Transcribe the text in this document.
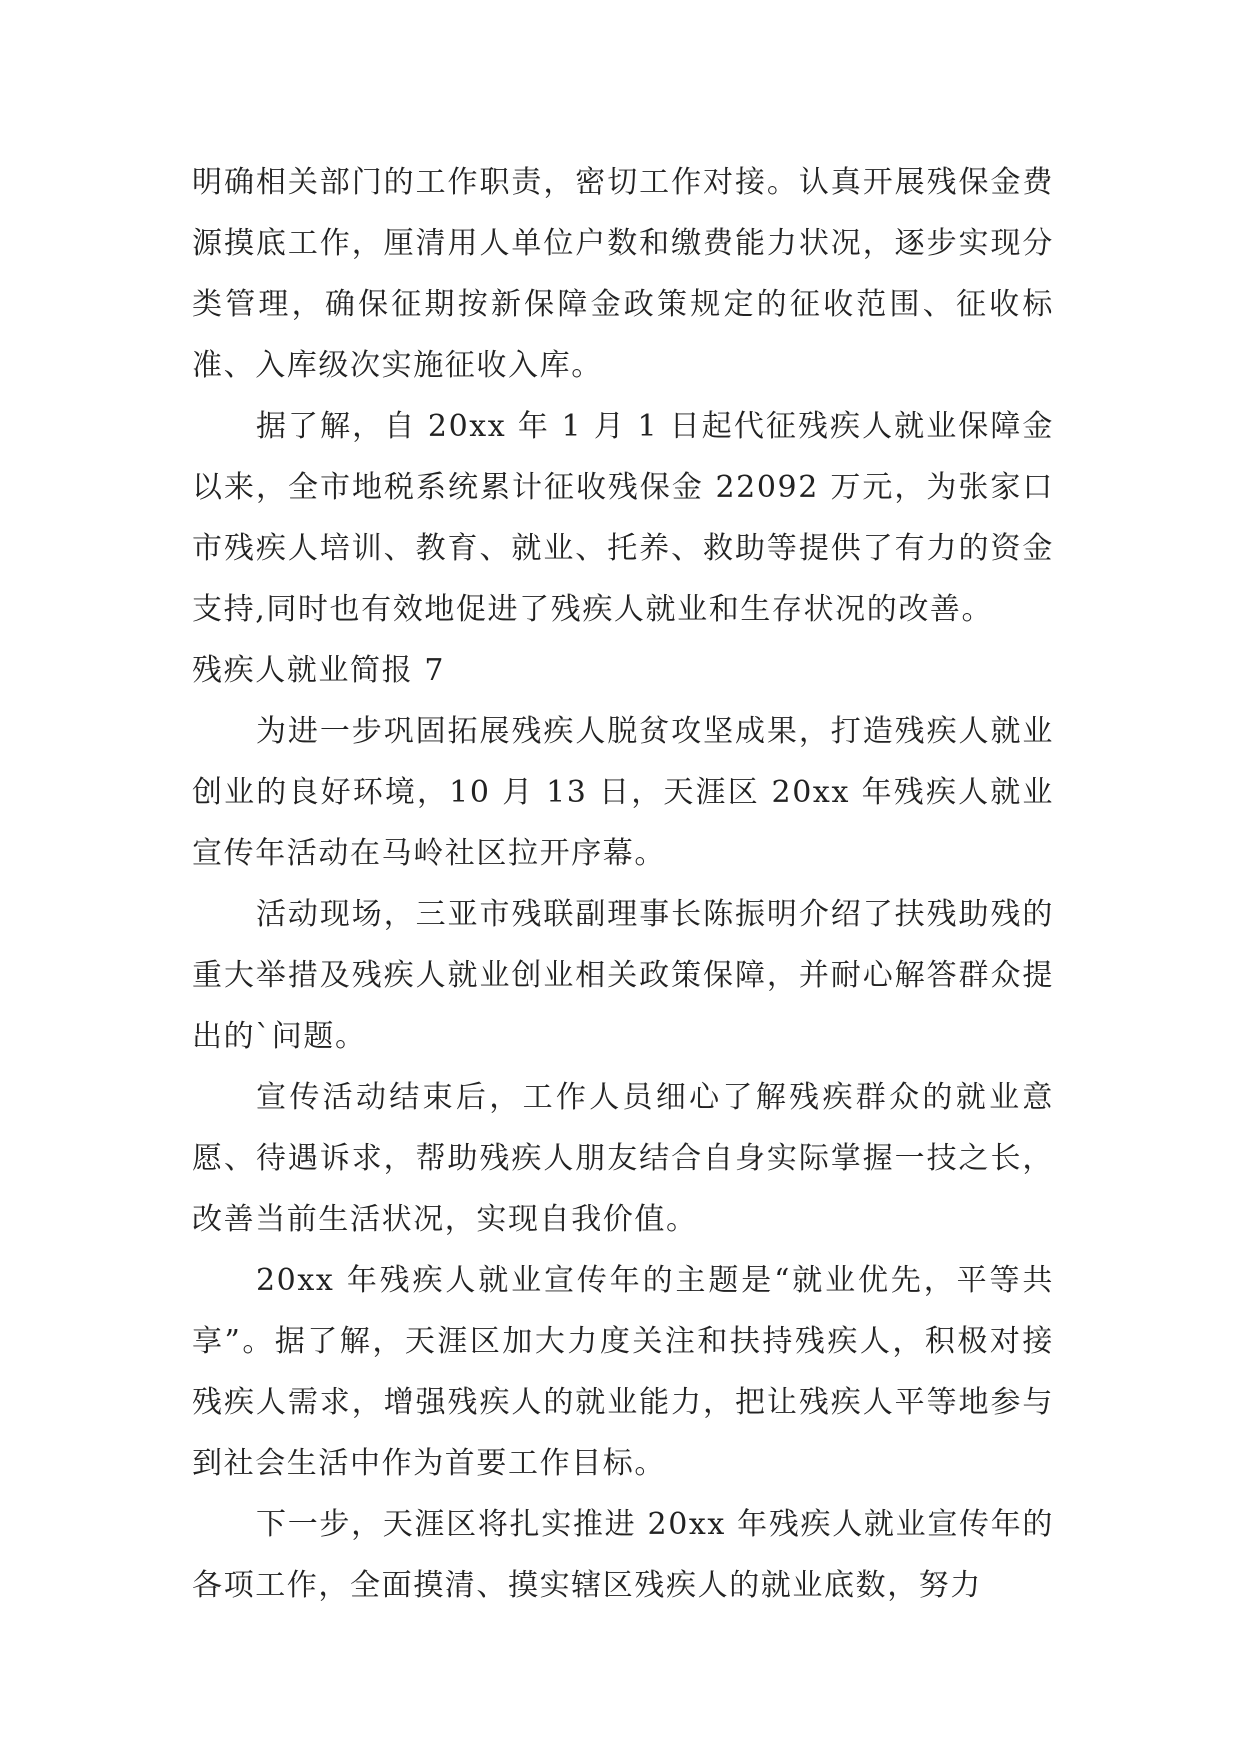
明确相关部门的工作职责，密切工作对接。认真开展残保金费源摸底工作，厘清用人单位户数和缴费能力状况，逐步实现分类管理，确保征期按新保障金政策规定的征收范围、征收标准、入库级次实施征收入库。

据了解，自 20xx 年 1 月 1 日起代征残疾人就业保障金以来，全市地税系统累计征收残保金 22092 万元，为张家口市残疾人培训、教育、就业、托养、救助等提供了有力的资金支持,同时也有效地促进了残疾人就业和生存状况的改善。

残疾人就业简报 7

为进一步巩固拓展残疾人脱贫攻坚成果，打造残疾人就业创业的良好环境，10 月 13 日，天涯区 20xx 年残疾人就业宣传年活动在马岭社区拉开序幕。

活动现场，三亚市残联副理事长陈振明介绍了扶残助残的重大举措及残疾人就业创业相关政策保障，并耐心解答群众提出的`问题。

宣传活动结束后，工作人员细心了解残疾群众的就业意愿、待遇诉求，帮助残疾人朋友结合自身实际掌握一技之长，改善当前生活状况，实现自我价值。

20xx 年残疾人就业宣传年的主题是“就业优先，平等共享”。据了解，天涯区加大力度关注和扶持残疾人，积极对接残疾人需求，增强残疾人的就业能力，把让残疾人平等地参与到社会生活中作为首要工作目标。

下一步，天涯区将扎实推进 20xx 年残疾人就业宣传年的各项工作，全面摸清、摸实辖区残疾人的就业底数，努力
